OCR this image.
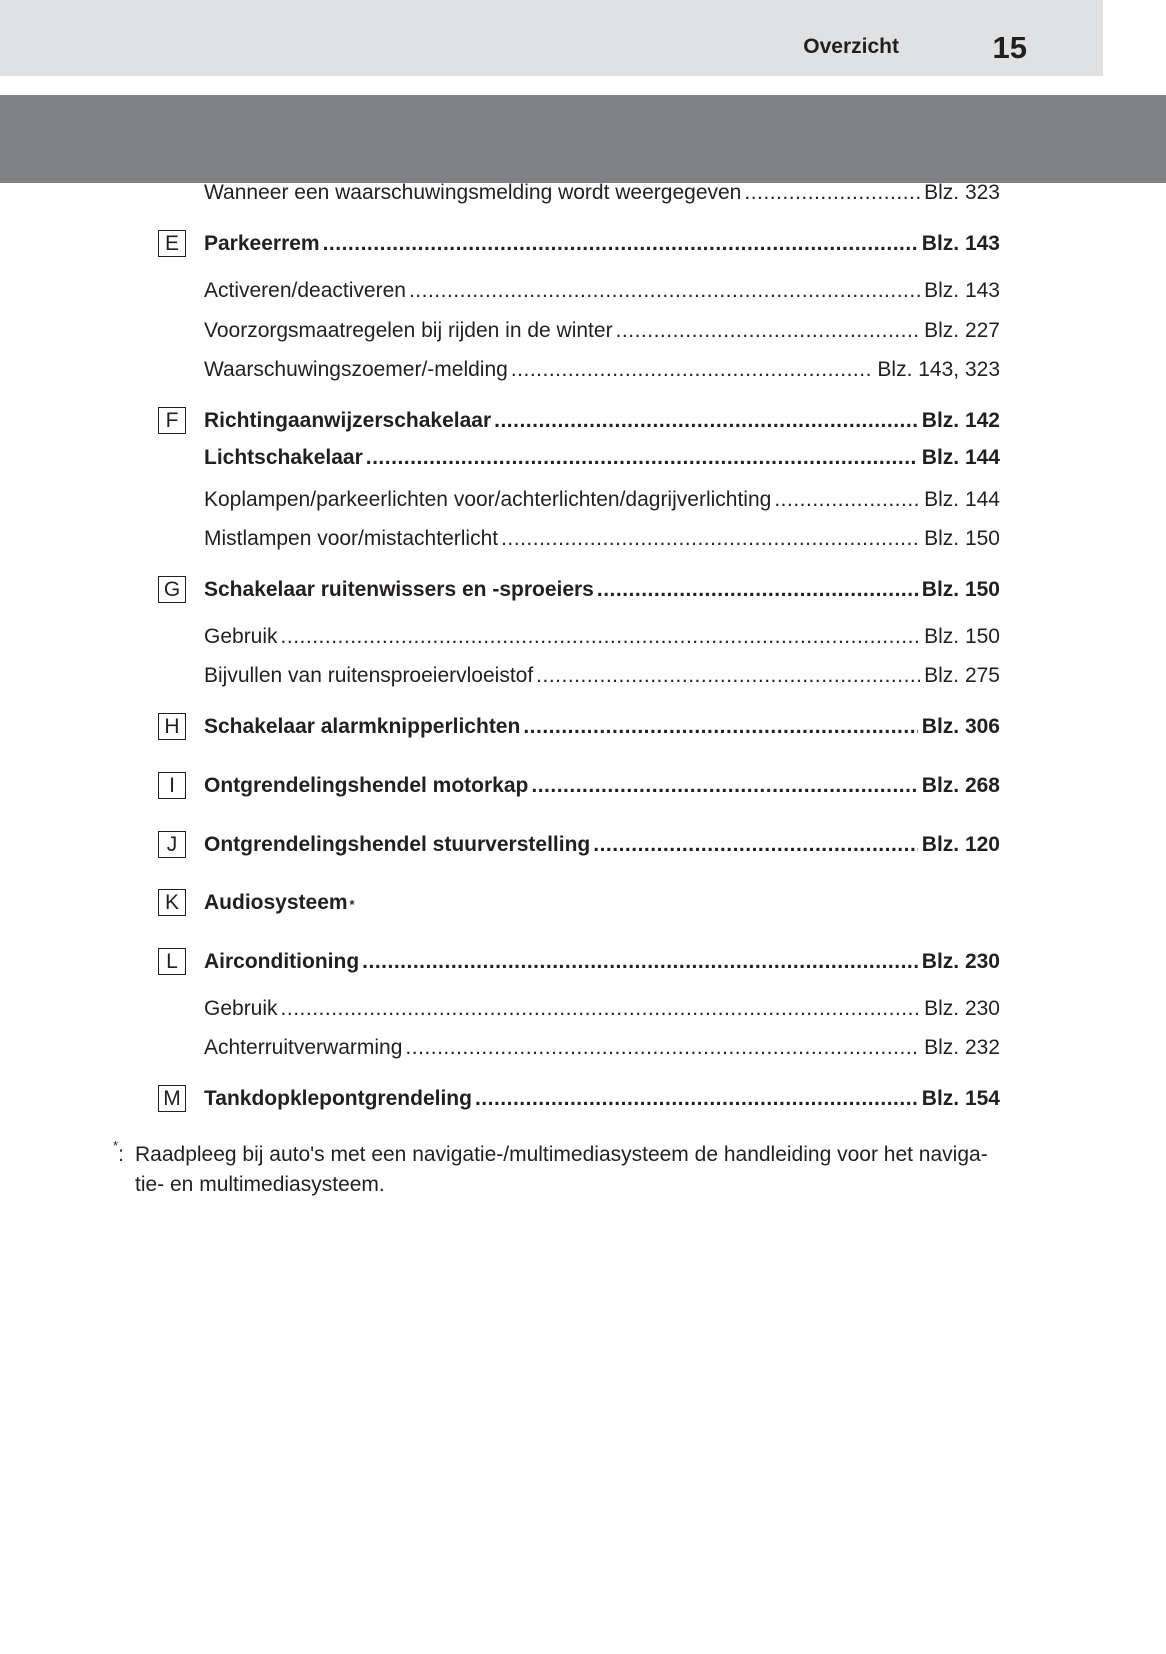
Overzicht	15
Wanneer een waarschuwingsmelding wordt weergegeven .....	Blz. 323
E	Parkeerrem .....	Blz. 143
Activeren/deactiveren .....	Blz. 143
Voorzorgsmaatregelen bij rijden in de winter .....	Blz. 227
Waarschuwingszoemer/-melding .....	Blz. 143, 323
F	Richtingaanwijzerschakelaar .....	Blz. 142
Lichtschakelaar .....	Blz. 144
Koplampen/parkeerlichten voor/achterlichten/dagrijverlichting .....	Blz. 144
Mistlampen voor/mistachterlicht .....	Blz. 150
G Schakelaar ruitenwissers en -sproeiers .....	Blz. 150
Gebruik .....	Blz. 150
Bijvullen van ruitensproeiervloeistof .....	Blz. 275
H	Schakelaar alarmknipperlichten .....	Blz. 306
I	Ontgrendelingshendel motorkap .....	Blz. 268
J	Ontgrendelingshendel stuurverstelling .....	Blz. 120
K	Audiosysteem *
L	Airconditioning .....	Blz. 230
Gebruik .....	Blz. 230
Achterruitverwarming .....	Blz. 232
M Tankdopklepontgrendeling .....	Blz. 154
*: Raadpleeg bij auto's met een navigatie-/multimediasysteem de handleiding voor het naviga-
tie- en multimediasysteem.
